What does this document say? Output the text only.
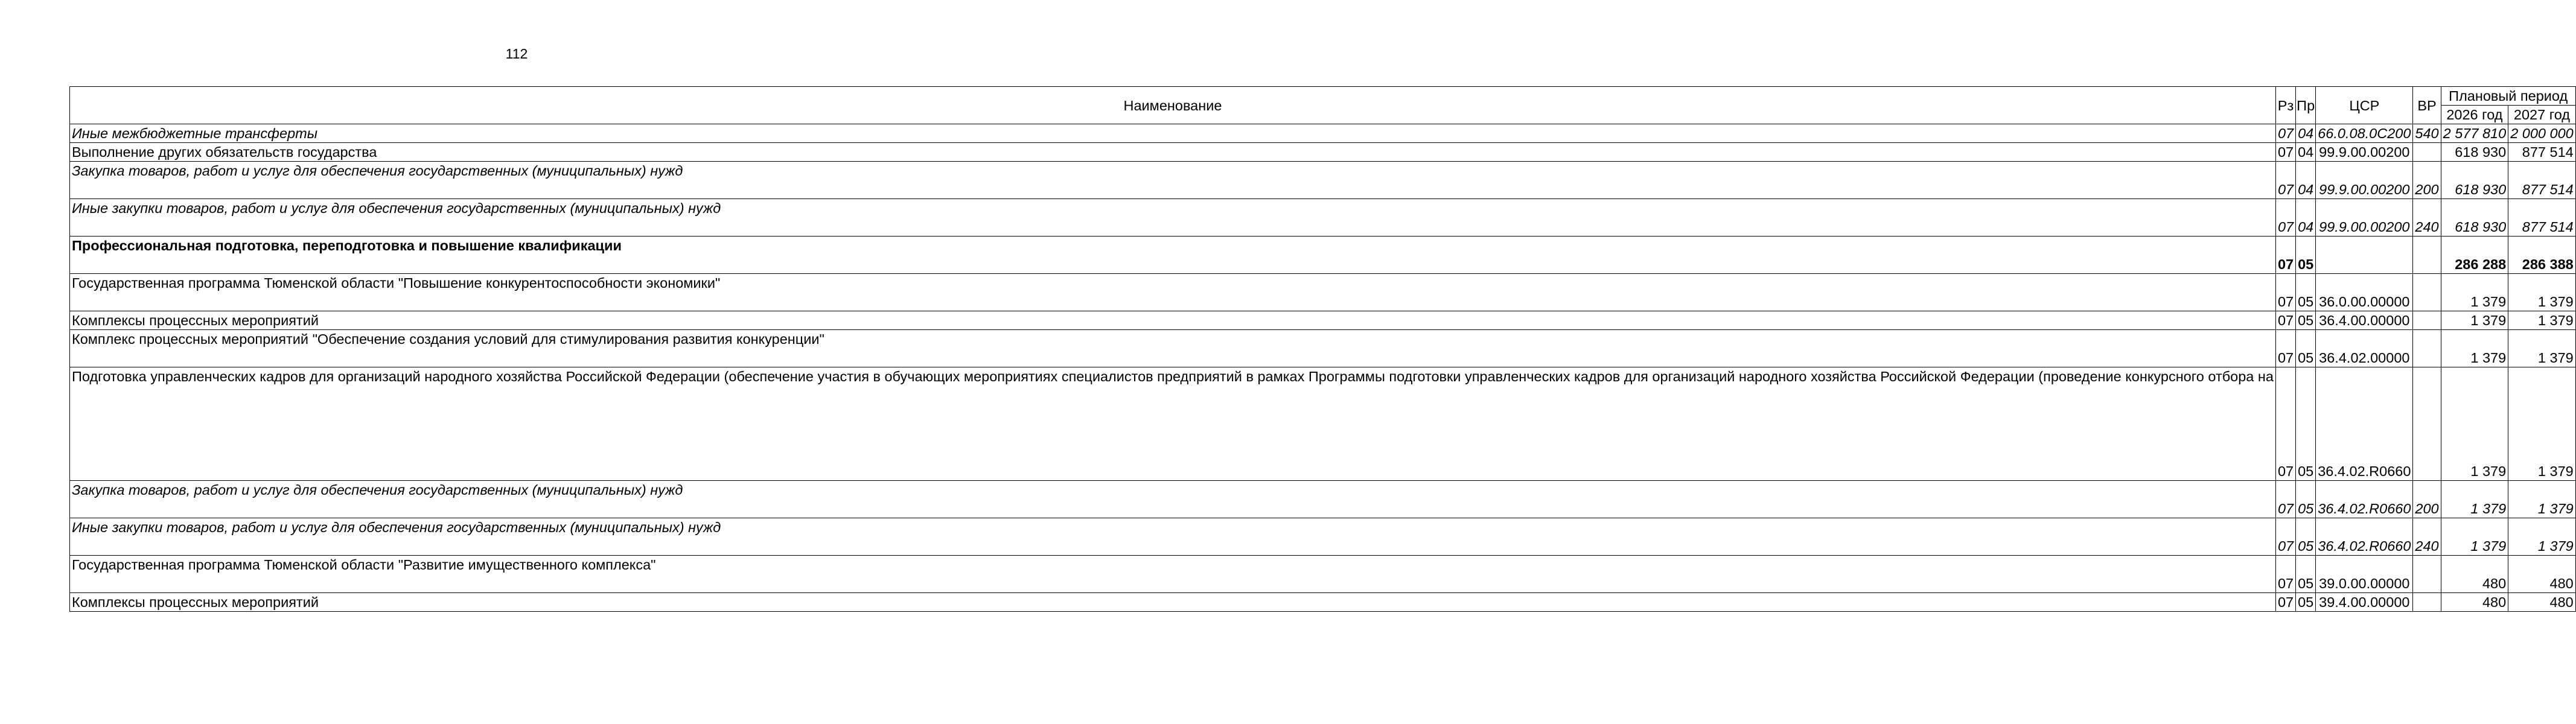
112
Наименование	Рз	Пр	ЦСР	ВР	Плановый период	
					2026 год	2027 год
Иные межбюджетные трансферты	07	04	66.0.08.0С200	540	2 577 810	2 000 000
Выполнение других обязательств государства	07	04	99.9.00.00200		618 930	877 514
Закупка товаров, работ и услуг для обеспечения государственных (муниципальных) нужд	07	04	99.9.00.00200	200	618 930	877 514
Иные закупки товаров, работ и услуг для обеспечения государственных (муниципальных) нужд	07	04	99.9.00.00200	240	618 930	877 514
Профессиональная подготовка, переподготовка и повышение квалификации	07	05			286 288	286 388
Государственная программа Тюменской области "Повышение конкурентоспособности экономики"	07	05	36.0.00.00000		1 379	1 379
Комплексы процессных мероприятий	07	05	36.4.00.00000		1 379	1 379
Комплекс процессных мероприятий "Обеспечение создания условий для стимулирования развития конкуренции"	07	05	36.4.02.00000		1 379	1 379
Подготовка управленческих кадров для организаций народного хозяйства Российской Федерации (обеспечение участия в обучающих мероприятиях специалистов предприятий в рамках Программы подготовки управленческих кадров для организаций народного хозяйства Российской Федерации (проведение конкурсного отбора на	07	05	36.4.02.R0660		1 379	1 379
Закупка товаров, работ и услуг для обеспечения государственных (муниципальных) нужд	07	05	36.4.02.R0660	200	1 379	1 379
Иные закупки товаров, работ и услуг для обеспечения государственных (муниципальных) нужд	07	05	36.4.02.R0660	240	1 379	1 379
Государственная программа Тюменской области "Развитие имущественного комплекса"	07	05	39.0.00.00000		480	480
Комплексы процессных мероприятий	07	05	39.4.00.00000		480	480
